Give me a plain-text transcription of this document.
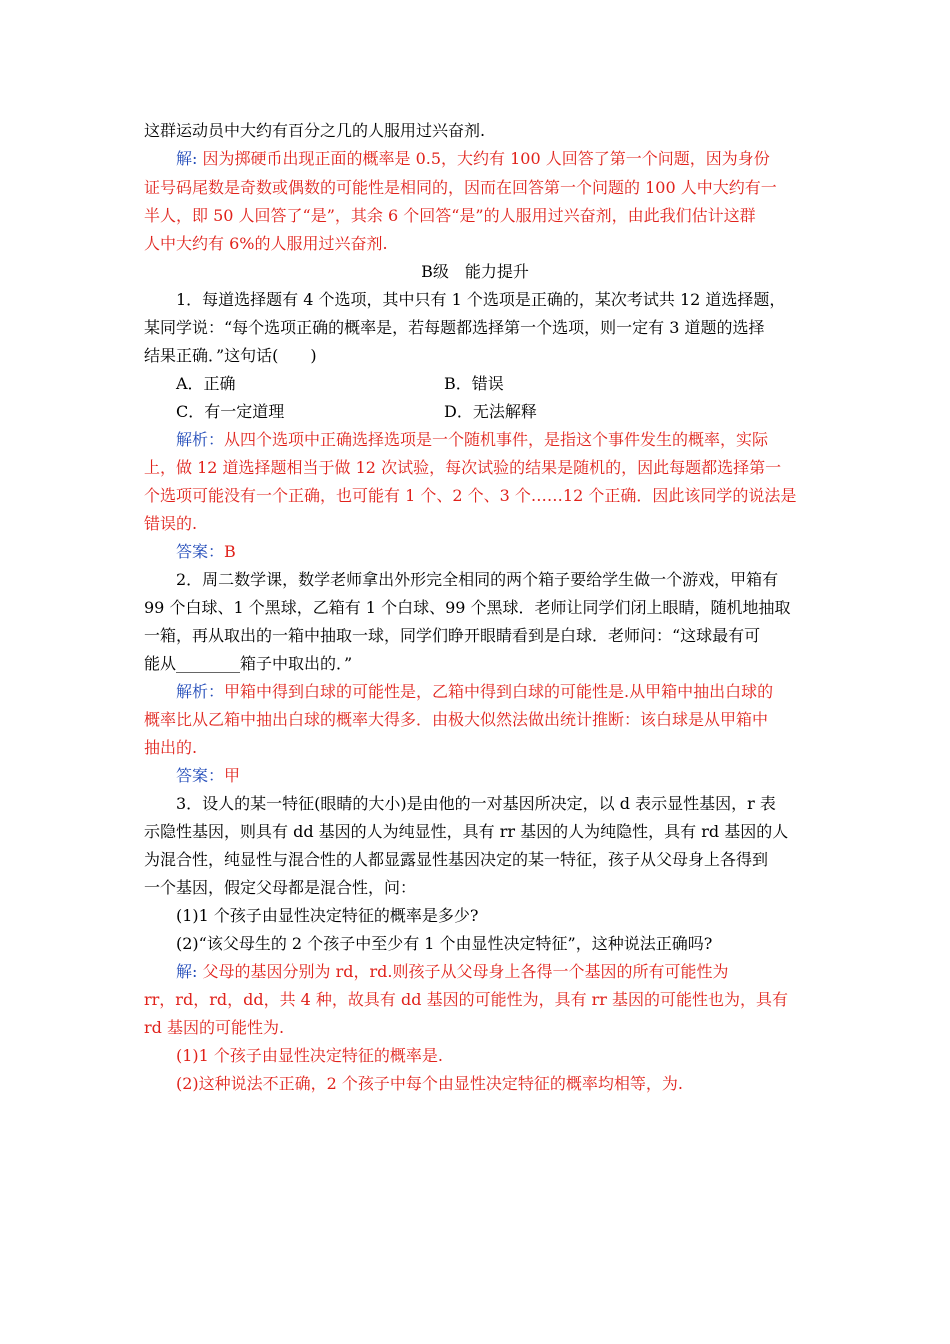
这群运动员中大约有百分之几的人服用过兴奋剂.
解: 因为掷硬币出现正面的概率是 0.5，大约有 100 人回答了第一个问题，因为身份
证号码尾数是奇数或偶数的可能性是相同的，因而在回答第一个问题的 100 人中大约有一
半人，即 50 人回答了“是”，其余 6 个回答“是”的人服用过兴奋剂，由此我们估计这群
人中大约有 6%的人服用过兴奋剂.
B级　能力提升
1．每道选择题有 4 个选项，其中只有 1 个选项是正确的，某次考试共 12 道选择题，
某同学说：“每个选项正确的概率是，若每题都选择第一个选项，则一定有 3 道题的选择
结果正确．”这句话(　　)
A．正确	B．错误
C．有一定道理	D．无法解释
解析：从四个选项中正确选择选项是一个随机事件，是指这个事件发生的概率，实际
上，做 12 道选择题相当于做 12 次试验，每次试验的结果是随机的，因此每题都选择第一
个选项可能没有一个正确，也可能有 1 个、2 个、3 个……12 个正确．因此该同学的说法是
错误的.
答案：B
2．周二数学课，数学老师拿出外形完全相同的两个箱子要给学生做一个游戏，甲箱有
99 个白球、1 个黑球，乙箱有 1 个白球、99 个黑球．老师让同学们闭上眼睛，随机地抽取
一箱，再从取出的一箱中抽取一球，同学们睁开眼睛看到是白球．老师问：“这球最有可
能从________箱子中取出的．”
解析：甲箱中得到白球的可能性是，乙箱中得到白球的可能性是.从甲箱中抽出白球的
概率比从乙箱中抽出白球的概率大得多．由极大似然法做出统计推断：该白球是从甲箱中
抽出的.
答案：甲
3．设人的某一特征(眼睛的大小)是由他的一对基因所决定，以 d 表示显性基因，r 表
示隐性基因，则具有 dd 基因的人为纯显性，具有 rr 基因的人为纯隐性，具有 rd 基因的人
为混合性，纯显性与混合性的人都显露显性基因决定的某一特征，孩子从父母身上各得到
一个基因，假定父母都是混合性，问：
(1)1 个孩子由显性决定特征的概率是多少?
(2)“该父母生的 2 个孩子中至少有 1 个由显性决定特征”，这种说法正确吗?
解: 父母的基因分别为 rd，rd.则孩子从父母身上各得一个基因的所有可能性为
rr，rd，rd，dd，共 4 种，故具有 dd 基因的可能性为，具有 rr 基因的可能性也为，具有
rd 基因的可能性为.
(1)1 个孩子由显性决定特征的概率是.
(2)这种说法不正确，2 个孩子中每个由显性决定特征的概率均相等，为.
